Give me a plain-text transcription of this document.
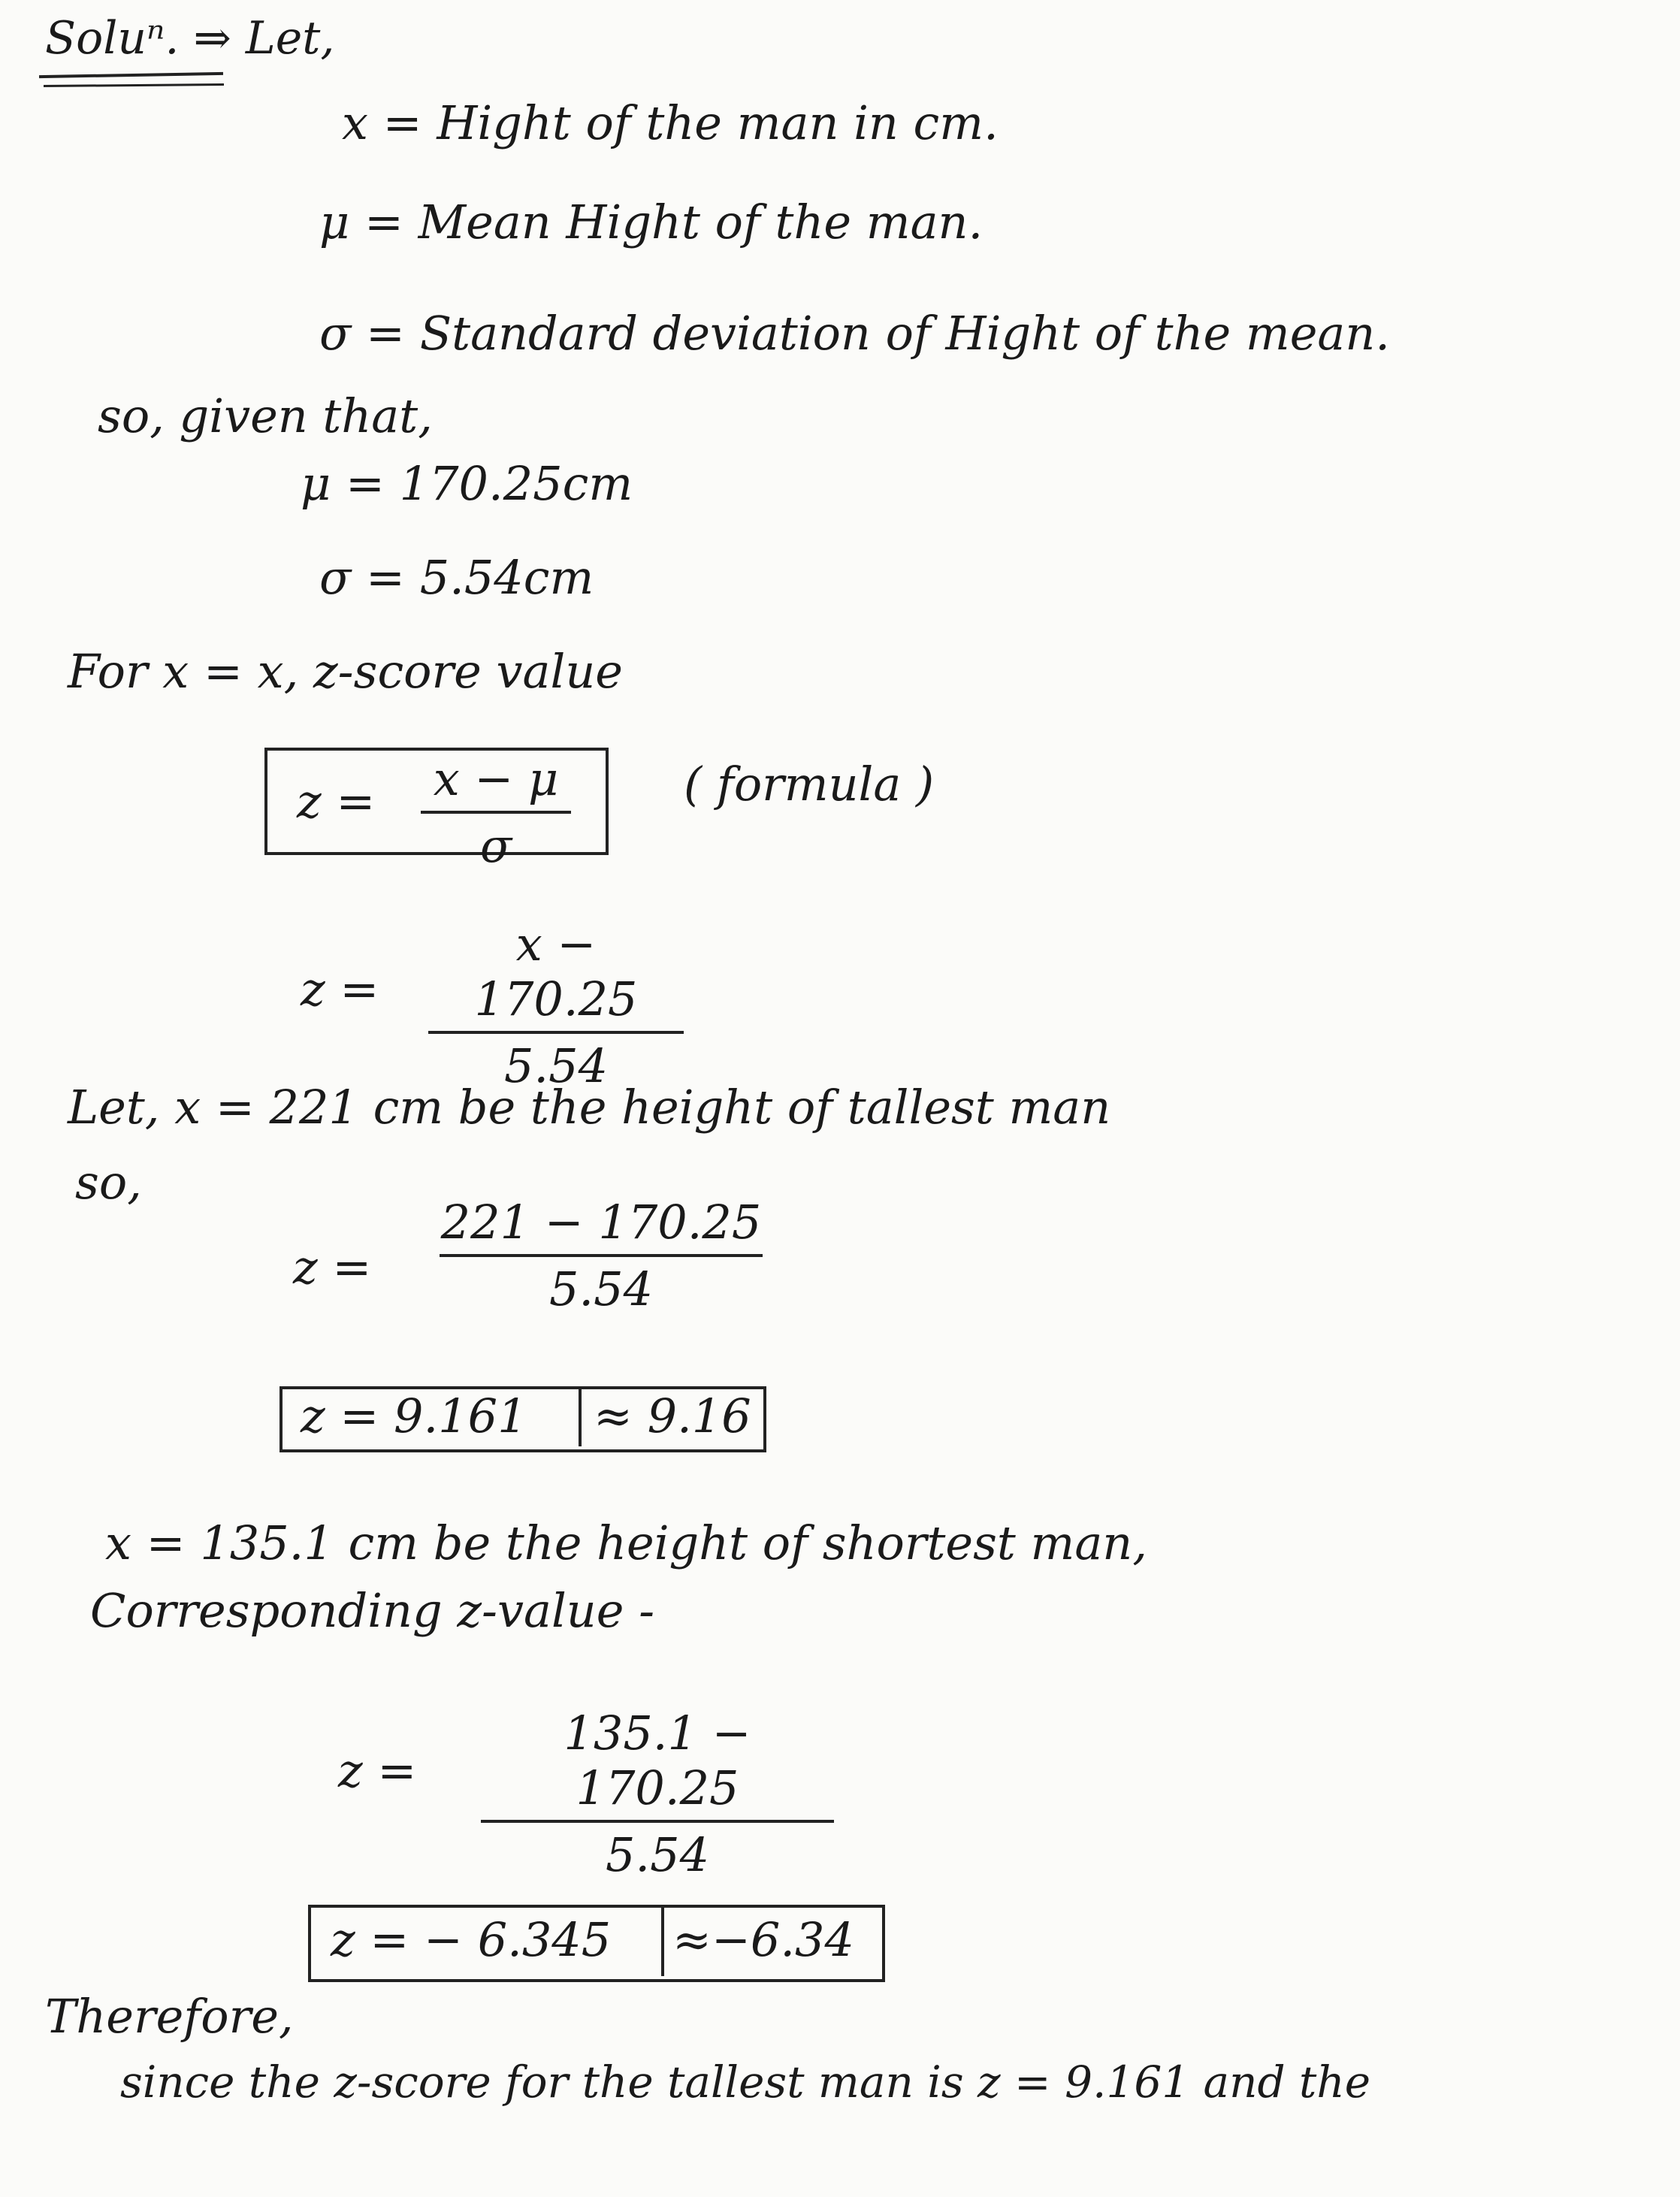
Soluⁿ. ⇒ Let,
x = Hight of the man in cm.
μ = Mean Hight of the man.
σ = Standard deviation of Hight of the mean.
so, given that,
μ = 170.25cm
σ = 5.54cm
For x = x, z-score value
z = x − μ
σ
( formula )
z =
x − 170.25
5.54
Let, x = 221 cm be the height of tallest man
so,
z =
221 − 170.25
5.54
z = 9.161 ≈ 9.16
x = 135.1 cm be the height of shortest man,
Corresponding z-value -
z =
135.1 − 170.25
5.54
z = − 6.345 ≈−6.34
Therefore,
since the z-score for the tallest man is z = 9.161 and the
